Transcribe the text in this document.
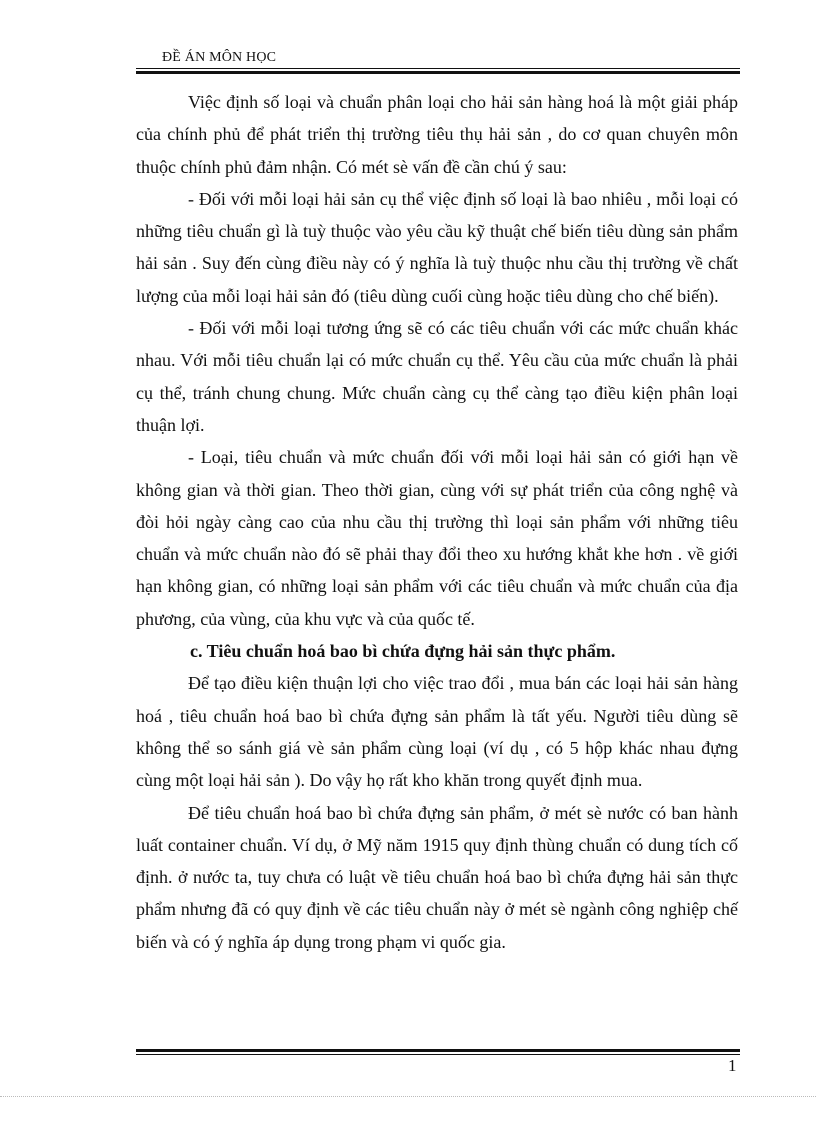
ĐỀ ÁN MÔN HỌC

Việc định số loại và chuẩn phân loại cho hải sản hàng hoá là một giải pháp của chính phủ để phát triển thị trường tiêu thụ hải sản , do cơ quan chuyên môn thuộc chính phủ đảm nhận. Có mét sè vấn đề cần chú ý sau:

- Đối với mỗi loại hải sản cụ thể việc định số loại là bao nhiêu , mỗi loại có những tiêu chuẩn gì là tuỳ thuộc vào yêu cầu kỹ thuật chế biến tiêu dùng sản phẩm hải sản . Suy đến cùng điều này có ý nghĩa là tuỳ thuộc nhu cầu thị trường về chất lượng của mỗi loại hải sản đó (tiêu dùng cuối cùng hoặc tiêu dùng cho chế biến).

- Đối với mỗi loại tương ứng sẽ có các tiêu chuẩn với các mức chuẩn khác nhau. Với mỗi tiêu chuẩn lại có mức chuẩn cụ thể. Yêu cầu của mức chuẩn là phải cụ thể, tránh chung chung. Mức chuẩn càng cụ thể càng tạo điều kiện phân loại thuận lợi.

- Loại, tiêu chuẩn và mức chuẩn đối với mỗi loại hải sản có giới hạn về không gian và thời gian. Theo thời gian, cùng với sự phát triển của công nghệ và đòi hỏi ngày càng cao của nhu cầu thị trường thì loại sản phẩm với những tiêu chuẩn và mức chuẩn nào đó sẽ phải thay đổi theo xu hướng khắt khe hơn . về giới hạn không gian, có những loại sản phẩm với các tiêu chuẩn và mức chuẩn của địa phương, của vùng, của khu vực và của quốc tế.

c. Tiêu chuẩn hoá bao bì chứa đựng hải sản thực phẩm.

Để tạo điều kiện thuận lợi cho việc trao đổi , mua bán các loại hải sản hàng hoá , tiêu chuẩn hoá bao bì chứa đựng sản phẩm là tất yếu. Người tiêu dùng sẽ không thể so sánh giá vè sản phẩm cùng loại (ví dụ , có 5 hộp khác nhau đựng cùng một loại hải sản ). Do vậy họ rất kho khăn trong quyết định mua.

Để tiêu chuẩn hoá bao bì chứa đựng sản phẩm, ở mét sè nước có ban hành luất container chuẩn. Ví dụ, ở Mỹ năm 1915 quy định thùng chuẩn có dung tích cố định. ở nước ta, tuy chưa có luật về tiêu chuẩn hoá bao bì chứa đựng hải sản thực phẩm nhưng đã có quy định về các tiêu chuẩn này ở mét sè ngành công nghiệp chế biến và có ý nghĩa áp dụng trong phạm vi quốc gia.

1
